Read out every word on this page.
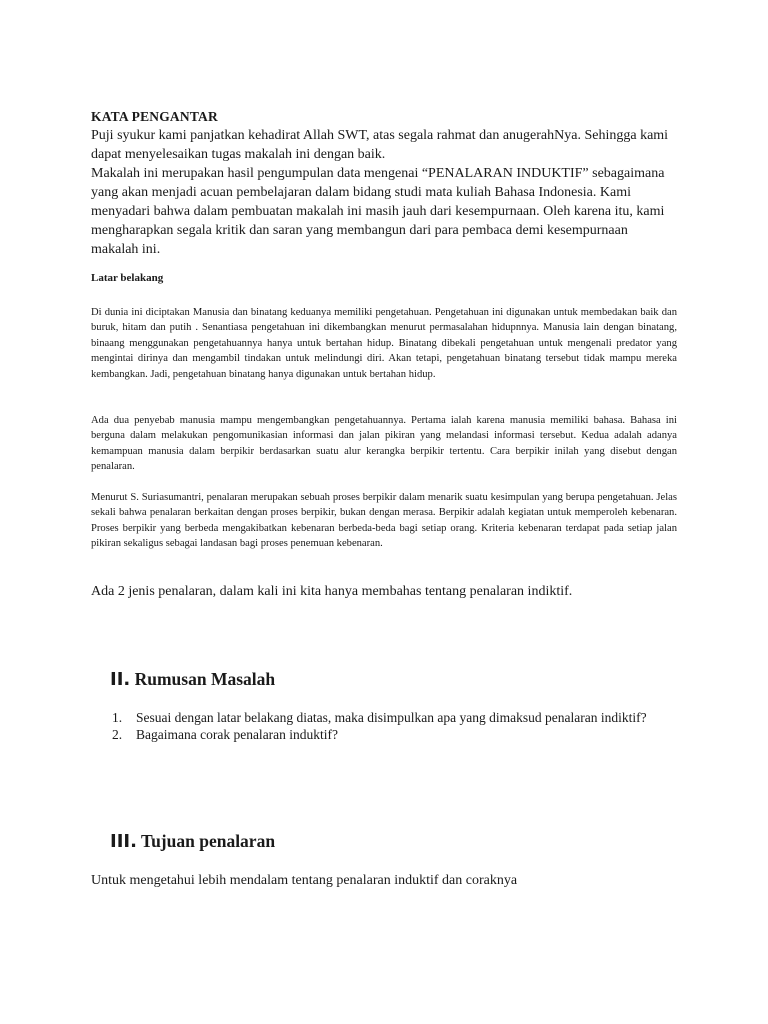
KATA PENGANTAR

Puji syukur kami panjatkan kehadirat Allah SWT, atas segala rahmat dan anugerahNya. Sehingga kami dapat menyelesaikan tugas makalah ini dengan baik.

Makalah ini merupakan hasil pengumpulan data mengenai “PENALARAN INDUKTIF” sebagaimana yang akan menjadi acuan pembelajaran dalam bidang studi mata kuliah Bahasa Indonesia. Kami menyadari bahwa dalam pembuatan makalah ini masih jauh dari kesempurnaan. Oleh karena itu, kami mengharapkan segala kritik dan saran yang membangun dari para pembaca demi kesempurnaan makalah ini.

Latar belakang

Di dunia ini diciptakan Manusia dan binatang keduanya memiliki pengetahuan. Pengetahuan ini digunakan untuk membedakan baik dan buruk, hitam dan putih . Senantiasa pengetahuan ini dikembangkan menurut permasalahan hidupnnya. Manusia lain dengan binatang, binaang menggunakan pengetahuannya hanya untuk bertahan hidup. Binatang dibekali pengetahuan untuk mengenali predator yang mengintai dirinya dan mengambil tindakan untuk melindungi diri. Akan tetapi, pengetahuan binatang tersebut tidak mampu mereka kembangkan. Jadi, pengetahuan binatang hanya digunakan untuk bertahan hidup.

Ada dua penyebab manusia mampu mengembangkan pengetahuannya. Pertama ialah karena manusia memiliki bahasa. Bahasa ini berguna dalam melakukan pengomunikasian informasi dan jalan pikiran yang melandasi informasi tersebut. Kedua adalah adanya kemampuan manusia dalam berpikir berdasarkan suatu alur kerangka berpikir tertentu. Cara berpikir inilah yang disebut dengan penalaran.

Menurut S. Suriasumantri, penalaran merupakan sebuah proses berpikir dalam menarik suatu kesimpulan yang berupa pengetahuan. Jelas sekali bahwa penalaran berkaitan dengan proses berpikir, bukan dengan merasa. Berpikir adalah kegiatan untuk memperoleh kebenaran. Proses berpikir yang berbeda mengakibatkan kebenaran berbeda-beda bagi setiap orang. Kriteria kebenaran terdapat pada setiap jalan pikiran sekaligus sebagai landasan bagi proses penemuan kebenaran.

Ada 2 jenis penalaran, dalam kali ini kita hanya membahas tentang penalaran indiktif.
II. Rumusan Masalah
1.	Sesuai dengan latar belakang diatas, maka disimpulkan apa yang dimaksud penalaran indiktif?
2.	Bagaimana corak penalaran induktif?
III. Tujuan penalaran
Untuk mengetahui lebih mendalam tentang penalaran induktif dan coraknya
